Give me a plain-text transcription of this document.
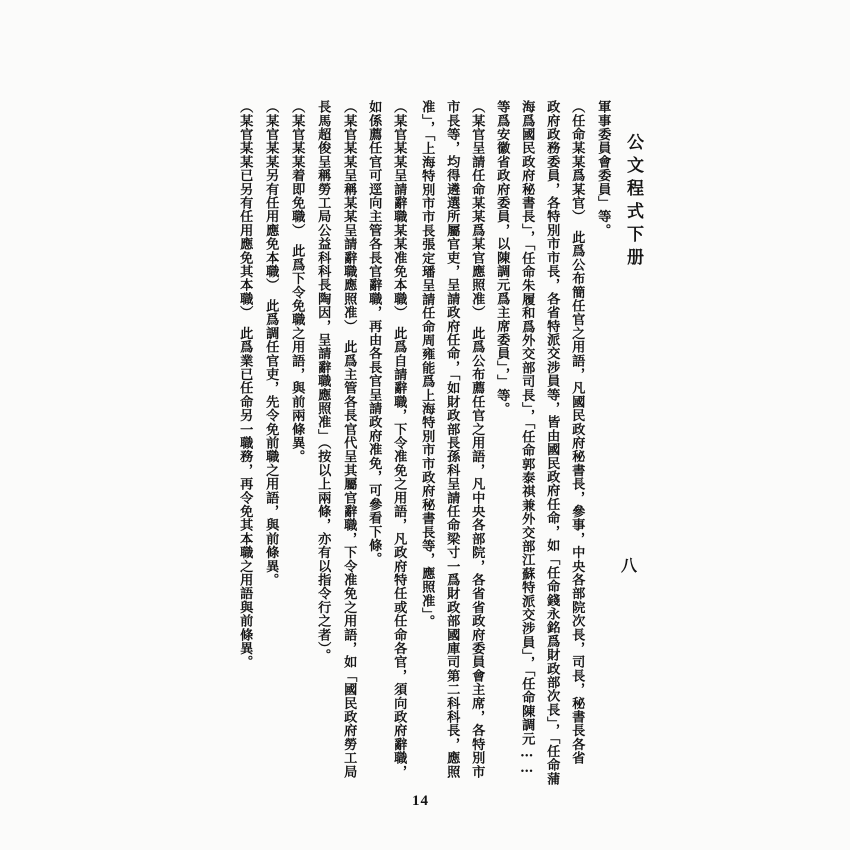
公文程式下册
八
軍事委員會委員」等。
（任命某某爲某官）　此爲公布簡任官之用語，凡國民政府秘書長，參事，中央各部院次長，司長，秘書長各省
政府政務委員，各特別市市長，各省特派交涉員等，皆由國民政府任命，如「任命錢永銘爲財政部次長」，「任命蒲
海爲國民政府秘書長」，「任命朱履和爲外交部司長」，「任命郭泰祺兼外交部江蘇特派交涉員」，「任命陳調元……
等爲安徽省政府委員，以陳調元爲主席委員」，」等。
（某官呈請任命某某爲某官應照准）　此爲公布薦任官之用語，凡中央各部院，各省省政府委員會主席，各特別市
市長等，均得遴選所屬官吏，呈請政府任命，「如財政部長孫科呈請任命梁寸一爲財政部國庫司第二科科長，應照
准」，「上海特別市市長張定璠呈請任命周雍能爲上海特別市市政府秘書長等，應照准」。
（某官某某呈請辭職某某准免本職）　此爲自請辭職，下令准免之用語，凡政府特任或任命各官，須向政府辭職，
如係薦任官可逕向主管各長官辭職，再由各長官呈請政府准免，可參看下條。
（某官某某呈稱某某呈請辭職應照准）　此爲主管各長官代呈其屬官辭職，下令准免之用語，如「國民政府勞工局
長馬超俊呈稱勞工局公益科科長陶因，呈請辭職應照准」（按以上兩條，亦有以指令行之者）。
（某官某某着即免職）　此爲下令免職之用語，與前兩條異。
（某官某某另有任用應免本職）　此爲調任官吏，先令免前職之用語，與前條異。
（某官某某已另有任用應免其本職）　此爲業已任命另一職務，再令免其本職之用語與前條異。
14
